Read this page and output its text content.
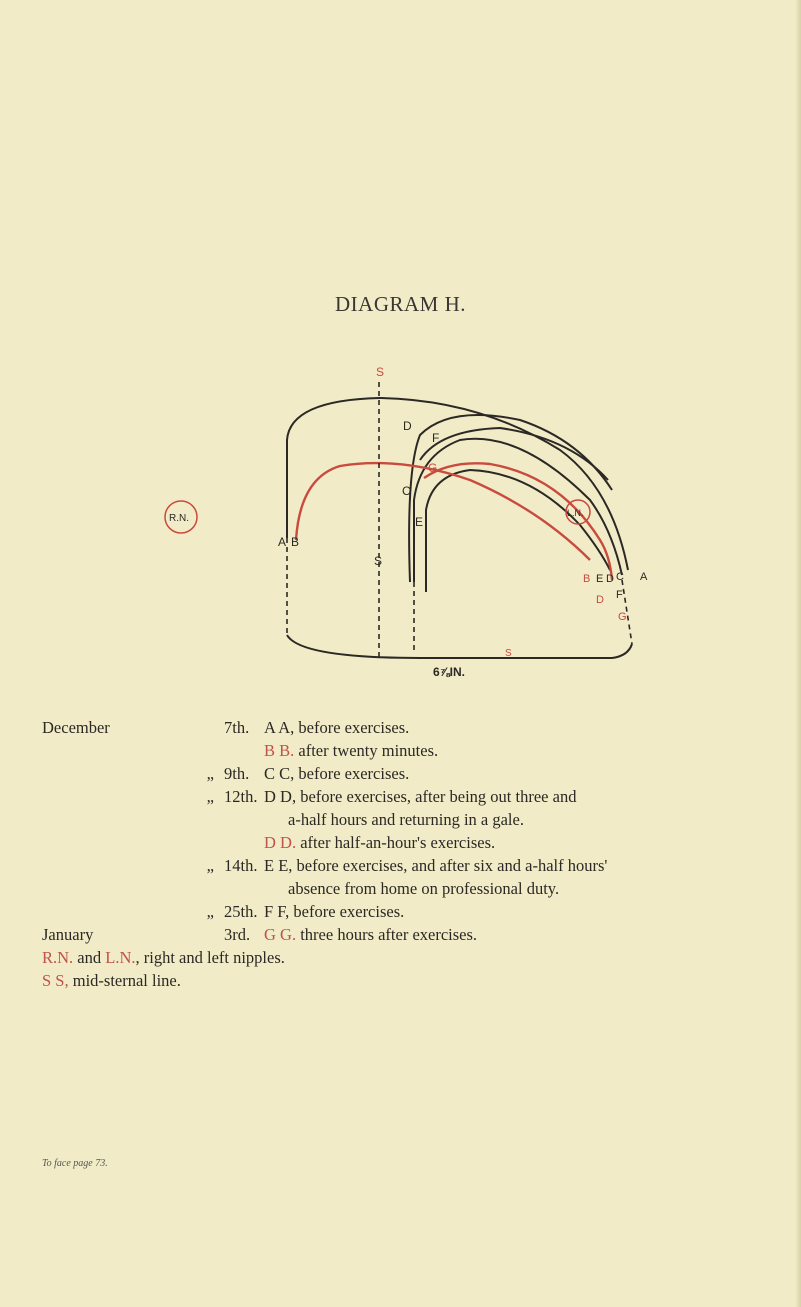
DIAGRAM H.
S
R.N.
A B
S
C
D
F
G
E
L.N.
B E D C A
D F
G
S
6⅞IN.
December	7th. A A, before exercises.
B B. after twenty minutes.
„ 9th. C C, before exercises.
„ 12th. D D, before exercises, after being out three and
a-half hours and returning in a gale.
D D. after half-an-hour's exercises.
„ 14th. E E, before exercises, and after six and a-half hours'
absence from home on professional duty.
„ 25th. F F, before exercises.
January	3rd. G G. three hours after exercises.
R.N. and L.N., right and left nipples.
S S, mid-sternal line.
To face page 73.
